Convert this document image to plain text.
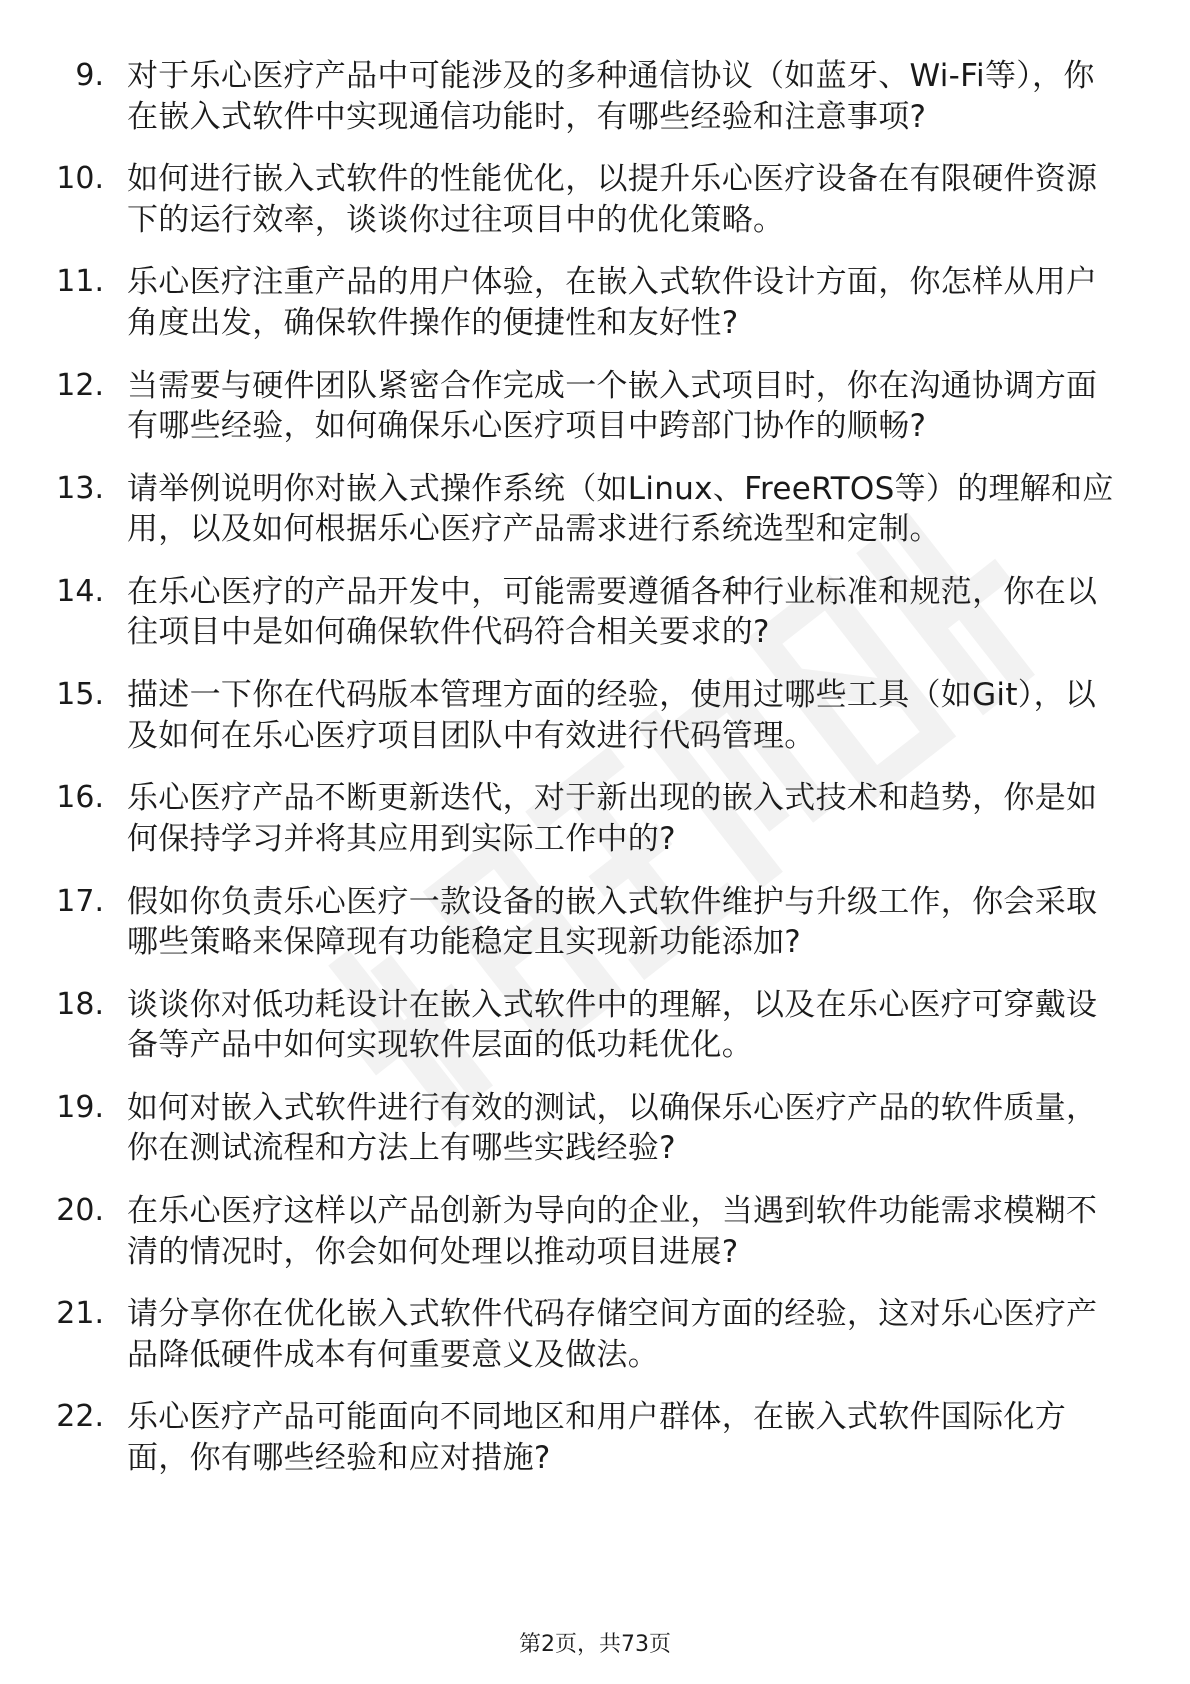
9. 对于乐心医疗产品中可能涉及的多种通信协议（如蓝牙、Wi-Fi等），你在嵌入式软件中实现通信功能时，有哪些经验和注意事项?
10. 如何进行嵌入式软件的性能优化，以提升乐心医疗设备在有限硬件资源下的运行效率，谈谈你过往项目中的优化策略。
11. 乐心医疗注重产品的用户体验，在嵌入式软件设计方面，你怎样从用户角度出发，确保软件操作的便捷性和友好性?
12. 当需要与硬件团队紧密合作完成一个嵌入式项目时，你在沟通协调方面有哪些经验，如何确保乐心医疗项目中跨部门协作的顺畅?
13. 请举例说明你对嵌入式操作系统（如Linux、FreeRTOS等）的理解和应用，以及如何根据乐心医疗产品需求进行系统选型和定制。
14. 在乐心医疗的产品开发中，可能需要遵循各种行业标准和规范，你在以往项目中是如何确保软件代码符合相关要求的?
15. 描述一下你在代码版本管理方面的经验，使用过哪些工具（如Git），以及如何在乐心医疗项目团队中有效进行代码管理。
16. 乐心医疗产品不断更新迭代，对于新出现的嵌入式技术和趋势，你是如何保持学习并将其应用到实际工作中的?
17. 假如你负责乐心医疗一款设备的嵌入式软件维护与升级工作，你会采取哪些策略来保障现有功能稳定且实现新功能添加?
18. 谈谈你对低功耗设计在嵌入式软件中的理解，以及在乐心医疗可穿戴设备等产品中如何实现软件层面的低功耗优化。
19. 如何对嵌入式软件进行有效的测试，以确保乐心医疗产品的软件质量，你在测试流程和方法上有哪些实践经验?
20. 在乐心医疗这样以产品创新为导向的企业，当遇到软件功能需求模糊不清的情况时，你会如何处理以推动项目进展?
21. 请分享你在优化嵌入式软件代码存储空间方面的经验，这对乐心医疗产品降低硬件成本有何重要意义及做法。
22. 乐心医疗产品可能面向不同地区和用户群体，在嵌入式软件国际化方面，你有哪些经验和应对措施?
第2页，共73页
